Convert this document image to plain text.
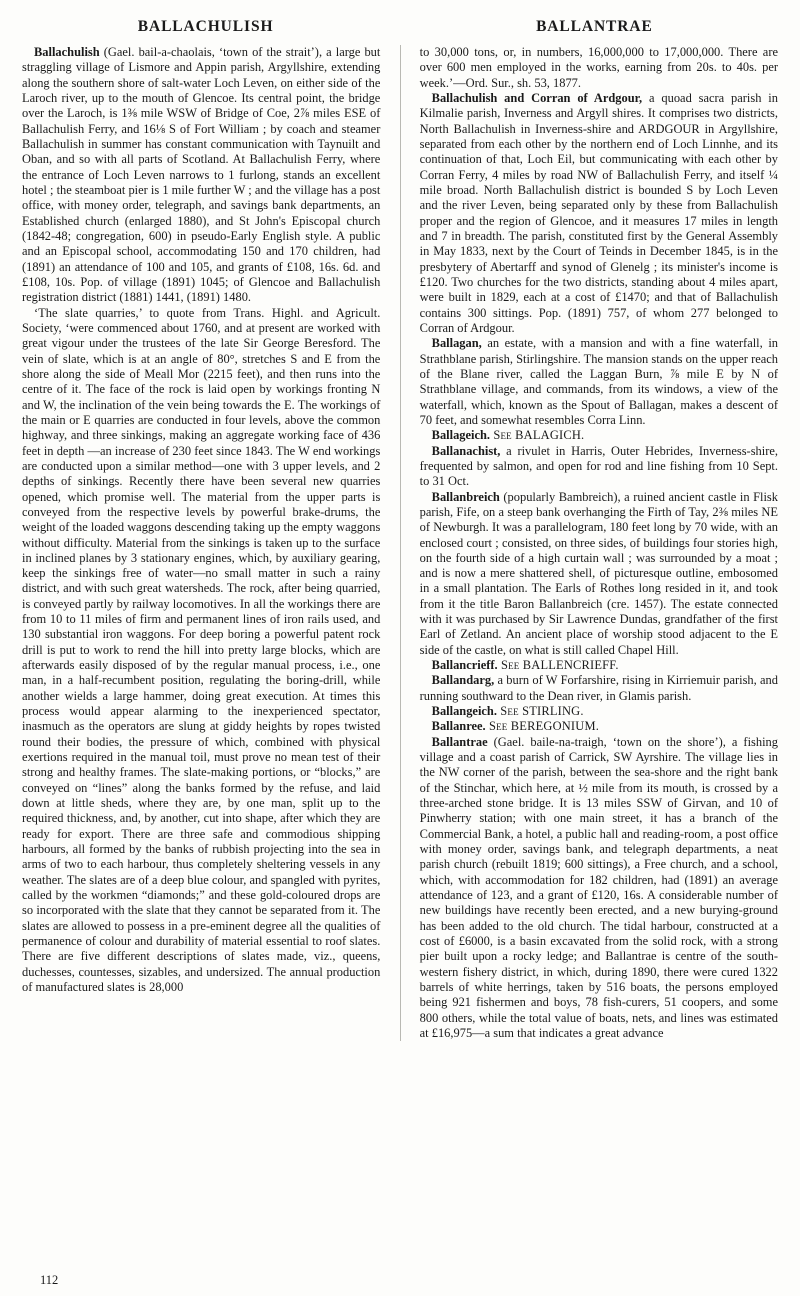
BALLACHULISH	BALLANTRAE

Ballachulish (Gael. bail-a-chaolais, ‘town of the strait’), a large but straggling village of Lismore and Appin parish, Argyllshire, extending along the southern shore of salt-water Loch Leven, on either side of the Laroch river, up to the mouth of Glencoe. Its central point, the bridge over the Laroch, is 1⅜ mile WSW of Bridge of Coe, 2⅞ miles ESE of Ballachulish Ferry, and 16⅛ S of Fort William ; by coach and steamer Ballachulish in summer has constant communication with Taynuilt and Oban, and so with all parts of Scotland. At Ballachulish Ferry, where the entrance of Loch Leven narrows to 1 furlong, stands an excellent hotel ; the steamboat pier is 1 mile further W ; and the village has a post office, with money order, telegraph, and savings bank departments, an Established church (enlarged 1880), and St John's Episcopal church (1842-48; congregation, 600) in pseudo-Early English style. A public and an Episcopal school, accommodating 150 and 170 children, had (1891) an attendance of 100 and 105, and grants of £108, 16s. 6d. and £108, 10s. Pop. of village (1891) 1045; of Glencoe and Ballachulish registration district (1881) 1441, (1891) 1480.

‘The slate quarries,’ to quote from Trans. Highl. and Agricult. Society, ‘were commenced about 1760, and at present are worked with great vigour under the trustees of the late Sir George Beresford. The vein of slate, which is at an angle of 80°, stretches S and E from the shore along the side of Meall Mor (2215 feet), and then runs into the centre of it. The face of the rock is laid open by workings fronting N and W, the inclination of the vein being towards the E. The workings of the main or E quarries are conducted in four levels, above the common highway, and three sinkings, making an aggregate working face of 436 feet in depth —an increase of 230 feet since 1843. The W end workings are conducted upon a similar method—one with 3 upper levels, and 2 depths of sinkings. Recently there have been several new quarries opened, which promise well. The material from the upper parts is conveyed from the respective levels by powerful brake-drums, the weight of the loaded waggons descending taking up the empty waggons without difficulty. Material from the sinkings is taken up to the surface in inclined planes by 3 stationary engines, which, by auxiliary gearing, keep the sinkings free of water—no small matter in such a rainy district, and with such great watersheds. The rock, after being quarried, is conveyed partly by railway locomotives. In all the workings there are from 10 to 11 miles of firm and permanent lines of iron rails used, and 130 substantial iron waggons. For deep boring a powerful patent rock drill is put to work to rend the hill into pretty large blocks, which are afterwards easily disposed of by the regular manual process, i.e., one man, in a half-recumbent position, regulating the boring-drill, while another wields a large hammer, doing great execution. At times this process would appear alarming to the inexperienced spectator, inasmuch as the operators are slung at giddy heights by ropes twisted round their bodies, the pressure of which, combined with physical exertions required in the manual toil, must prove no mean test of their strong and healthy frames. The slate-making portions, or “blocks,” are conveyed on “lines” along the banks formed by the refuse, and laid down at little sheds, where they are, by one man, split up to the required thickness, and, by another, cut into shape, after which they are ready for export. There are three safe and commodious shipping harbours, all formed by the banks of rubbish projecting into the sea in arms of two to each harbour, thus completely sheltering vessels in any weather. The slates are of a deep blue colour, and spangled with pyrites, called by the workmen “diamonds;” and these gold-coloured drops are so incorporated with the slate that they cannot be separated from it. The slates are allowed to possess in a pre-eminent degree all the qualities of permanence of colour and durability of material essential to roof slates. There are five different descriptions of slates made, viz., queens, duchesses, countesses, sizables, and undersized. The annual production of manufactured slates is 28,000

to 30,000 tons, or, in numbers, 16,000,000 to 17,000,000. There are over 600 men employed in the works, earning from 20s. to 40s. per week.’—Ord. Sur., sh. 53, 1877.

Ballachulish and Corran of Ardgour, a quoad sacra parish in Kilmalie parish, Inverness and Argyll shires. It comprises two districts, North Ballachulish in Inverness-shire and ARDGOUR in Argyllshire, separated from each other by the northern end of Loch Linnhe, and its continuation of that, Loch Eil, but communicating with each other by Corran Ferry, 4 miles by road NW of Ballachulish Ferry, and itself ¼ mile broad. North Ballachulish district is bounded S by Loch Leven and the river Leven, being separated only by these from Ballachulish proper and the region of Glencoe, and it measures 17 miles in length and 7 in breadth. The parish, constituted first by the General Assembly in May 1833, next by the Court of Teinds in December 1845, is in the presbytery of Abertarff and synod of Glenelg ; its minister's income is £120. Two churches for the two districts, standing about 4 miles apart, were built in 1829, each at a cost of £1470; and that of Ballachulish contains 300 sittings. Pop. (1891) 757, of whom 277 belonged to Corran of Ardgour.

Ballagan, an estate, with a mansion and with a fine waterfall, in Strathblane parish, Stirlingshire. The mansion stands on the upper reach of the Blane river, called the Laggan Burn, ⅞ mile E by N of Strathblane village, and commands, from its windows, a view of the waterfall, which, known as the Spout of Ballagan, makes a descent of 70 feet, and somewhat resembles Corra Linn.

Ballageich. See BALAGICH.

Ballanachist, a rivulet in Harris, Outer Hebrides, Inverness-shire, frequented by salmon, and open for rod and line fishing from 10 Sept. to 31 Oct.

Ballanbreich (popularly Bambreich), a ruined ancient castle in Flisk parish, Fife, on a steep bank overhanging the Firth of Tay, 2⅜ miles NE of Newburgh. It was a parallelogram, 180 feet long by 70 wide, with an enclosed court ; consisted, on three sides, of buildings four stories high, on the fourth side of a high curtain wall ; was surrounded by a moat ; and is now a mere shattered shell, of picturesque outline, embosomed in a small plantation. The Earls of Rothes long resided in it, and took from it the title Baron Ballanbreich (cre. 1457). The estate connected with it was purchased by Sir Lawrence Dundas, grandfather of the first Earl of Zetland. An ancient place of worship stood adjacent to the E side of the castle, on what is still called Chapel Hill.

Ballancrieff. See BALLENCRIEFF.

Ballandarg, a burn of W Forfarshire, rising in Kirriemuir parish, and running southward to the Dean river, in Glamis parish.

Ballangeich. See STIRLING.

Ballanree. See BEREGONIUM.

Ballantrae (Gael. baile-na-traigh, ‘town on the shore’), a fishing village and a coast parish of Carrick, SW Ayrshire. The village lies in the NW corner of the parish, between the sea-shore and the right bank of the Stinchar, which here, at ½ mile from its mouth, is crossed by a three-arched stone bridge. It is 13 miles SSW of Girvan, and 10 of Pinwherry station; with one main street, it has a branch of the Commercial Bank, a hotel, a public hall and reading-room, a post office with money order, savings bank, and telegraph departments, a neat parish church (rebuilt 1819; 600 sittings), a Free church, and a school, which, with accommodation for 182 children, had (1891) an average attendance of 123, and a grant of £120, 16s. A considerable number of new buildings have recently been erected, and a new burying-ground has been added to the old church. The tidal harbour, constructed at a cost of £6000, is a basin excavated from the solid rock, with a strong pier built upon a rocky ledge; and Ballantrae is centre of the south-western fishery district, in which, during 1890, there were cured 1322 barrels of white herrings, taken by 516 boats, the persons employed being 921 fishermen and boys, 78 fish-curers, 51 coopers, and some 800 others, while the total value of boats, nets, and lines was estimated at £16,975—a sum that indicates a great advance

112
